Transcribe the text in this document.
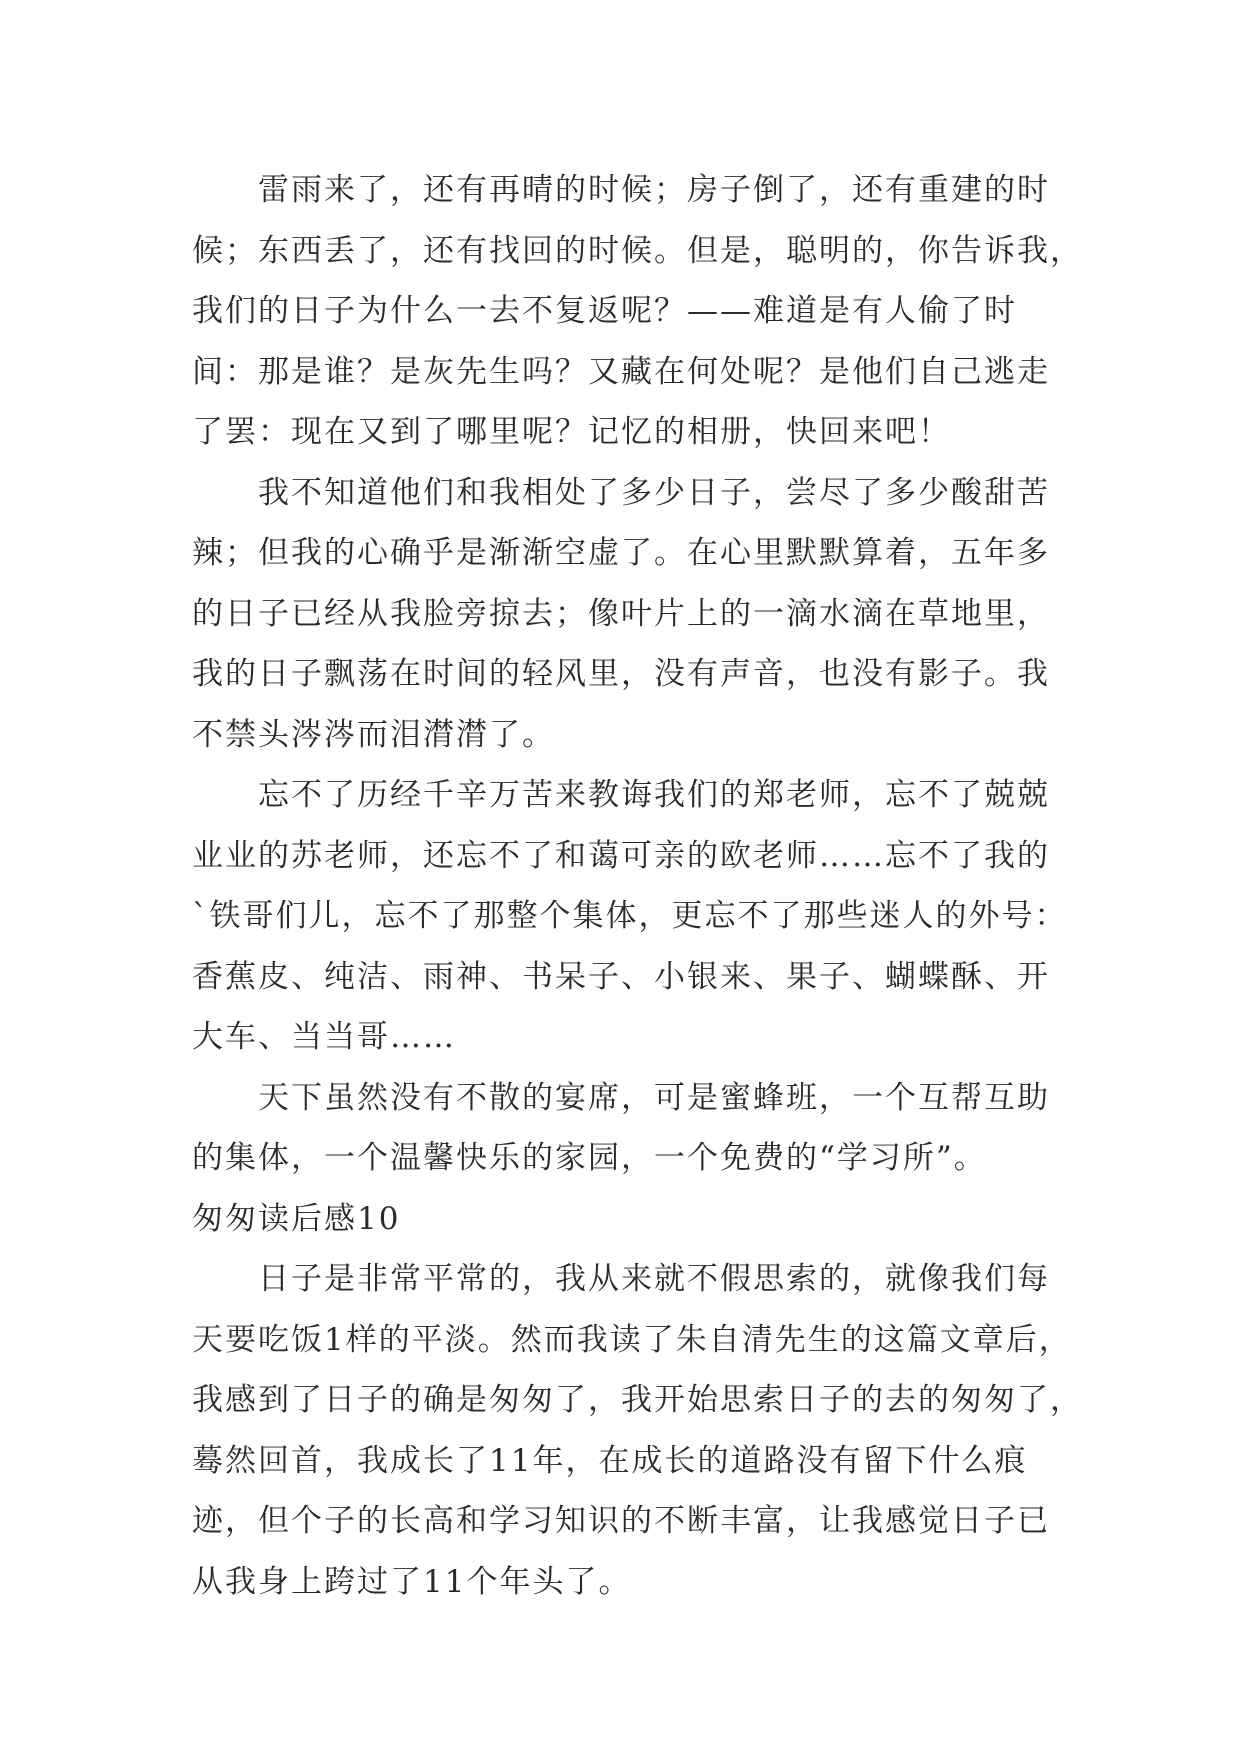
雷雨来了，还有再晴的时候；房子倒了，还有重建的时
候；东西丢了，还有找回的时候。但是，聪明的，你告诉我，
我们的日子为什么一去不复返呢？——难道是有人偷了时
间：那是谁？是灰先生吗？又藏在何处呢？是他们自己逃走
了罢：现在又到了哪里呢？记忆的相册，快回来吧！
我不知道他们和我相处了多少日子，尝尽了多少酸甜苦
辣；但我的心确乎是渐渐空虚了。在心里默默算着，五年多
的日子已经从我脸旁掠去；像叶片上的一滴水滴在草地里，
我的日子飘荡在时间的轻风里，没有声音，也没有影子。我
不禁头涔涔而泪潸潸了。
忘不了历经千辛万苦来教诲我们的郑老师，忘不了兢兢
业业的苏老师，还忘不了和蔼可亲的欧老师……忘不了我的
`铁哥们儿，忘不了那整个集体，更忘不了那些迷人的外号：
香蕉皮、纯洁、雨神、书呆子、小银来、果子、蝴蝶酥、开
大车、当当哥……
天下虽然没有不散的宴席，可是蜜蜂班，一个互帮互助
的集体，一个温馨快乐的家园，一个免费的“学习所”。
匆匆读后感10
日子是非常平常的，我从来就不假思索的，就像我们每
天要吃饭1样的平淡。然而我读了朱自清先生的这篇文章后，
我感到了日子的确是匆匆了，我开始思索日子的去的匆匆了，
蓦然回首，我成长了11年，在成长的道路没有留下什么痕
迹，但个子的长高和学习知识的不断丰富，让我感觉日子已
从我身上跨过了11个年头了。
